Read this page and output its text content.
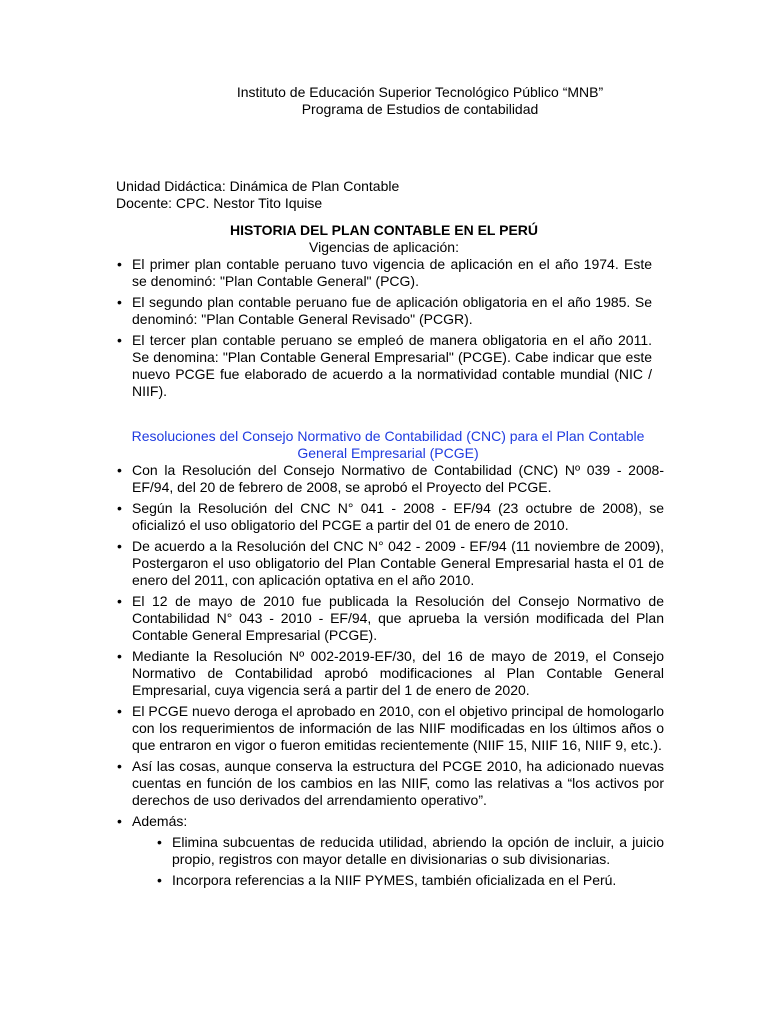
Instituto de Educación Superior Tecnológico Público “MNB”
Programa de Estudios de contabilidad
Unidad Didáctica: Dinámica de Plan Contable
Docente: CPC. Nestor Tito Iquise
HISTORIA DEL PLAN CONTABLE EN EL PERÚ
Vigencias de aplicación:
• El primer plan contable peruano tuvo vigencia de aplicación en el año 1974. Este se denominó: "Plan Contable General" (PCG).
• El segundo plan contable peruano fue de aplicación obligatoria en el año 1985. Se denominó: "Plan Contable General Revisado" (PCGR).
• El tercer plan contable peruano se empleó de manera obligatoria en el año 2011. Se denomina: "Plan Contable General Empresarial" (PCGE). Cabe indicar que este nuevo PCGE fue elaborado de acuerdo a la normatividad contable mundial (NIC / NIIF).
Resoluciones del Consejo Normativo de Contabilidad (CNC) para el Plan Contable General Empresarial (PCGE)
• Con la Resolución del Consejo Normativo de Contabilidad (CNC) Nº 039 - 2008-EF/94, del 20 de febrero de 2008, se aprobó el Proyecto del PCGE.
• Según la Resolución del CNC N° 041 - 2008 - EF/94 (23 octubre de 2008), se oficializó el uso obligatorio del PCGE a partir del 01 de enero de 2010.
• De acuerdo a la Resolución del CNC N° 042 - 2009 - EF/94 (11 noviembre de 2009), Postergaron el uso obligatorio del Plan Contable General Empresarial hasta el 01 de enero del 2011, con aplicación optativa en el año 2010.
• El 12 de mayo de 2010 fue publicada la Resolución del Consejo Normativo de Contabilidad N° 043 - 2010 - EF/94, que aprueba la versión modificada del Plan Contable General Empresarial (PCGE).
• Mediante la Resolución Nº 002-2019-EF/30, del 16 de mayo de 2019, el Consejo Normativo de Contabilidad aprobó modificaciones al Plan Contable General Empresarial, cuya vigencia será a partir del 1 de enero de 2020.
• El PCGE nuevo deroga el aprobado en 2010, con el objetivo principal de homologarlo con los requerimientos de información de las NIIF modificadas en los últimos años o que entraron en vigor o fueron emitidas recientemente (NIIF 15, NIIF 16, NIIF 9, etc.).
• Así las cosas, aunque conserva la estructura del PCGE 2010, ha adicionado nuevas cuentas en función de los cambios en las NIIF, como las relativas a “los activos por derechos de uso derivados del arrendamiento operativo”.
• Además:
• Elimina subcuentas de reducida utilidad, abriendo la opción de incluir, a juicio propio, registros con mayor detalle en divisionarias o sub divisionarias.
• Incorpora referencias a la NIIF PYMES, también oficializada en el Perú.
